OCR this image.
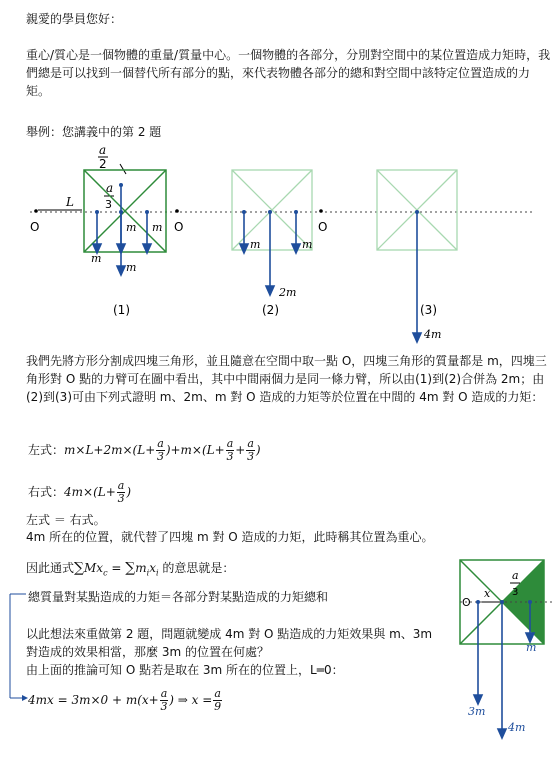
親愛的學員您好：
重心/質心是一個物體的重量/質量中心。一個物體的各部分，分別對空間中的某位置造成力矩時，我們總是可以找到一個替代所有部分的點，來代表物體各部分的總和對空間中該特定位置造成的力矩。
舉例：您講義中的第 2 題
O	O	O
L
a
2
a
3
m m
m
m
m	m
2m
4m
(1)	(2)	(3)
我們先將方形分割成四塊三角形，並且隨意在空間中取一點 O，四塊三角形的質量都是 m，四塊三角形對 O 點的力臂可在圖中看出，其中中間兩個力是同一條力臂，所以由(1)到(2)合併為 2m；由(2)到(3)可由下列式證明 m、2m、m 對 O 造成的力矩等於位置在中間的 4m 對 O 造成的力矩：
左式：$m\times L+2m\times(L+ \frac{a}{3} )+m\times(L+ \frac{a}{3} + \frac{a}{3}$ )
右式：$4m\times(L+ \frac{a}{3}$ )
左式 ＝ 右式。
4m 所在的位置，就代替了四塊 m 對 O 造成的力矩，此時稱其位置為重心。
因此通式$\sum Mx_c = \sum m_ix_i$ 的意思就是：
總質量對某點造成的力矩＝各部分對某點造成的力矩總和
以此想法來重做第 2 題，問題就變成 4m 對 O 點造成的力矩效果與 m、3m
對造成的效果相當，那麼 3m 的位置在何處？
由上面的推論可知 O 點若是取在 3m 所在的位置上，L═0：
$4mx = 3m\times 0 + m(x+ \frac{a}{3}$ ) ⇒ $x = \frac{a}{9}$
O
x
a
3
m
3m
4m
